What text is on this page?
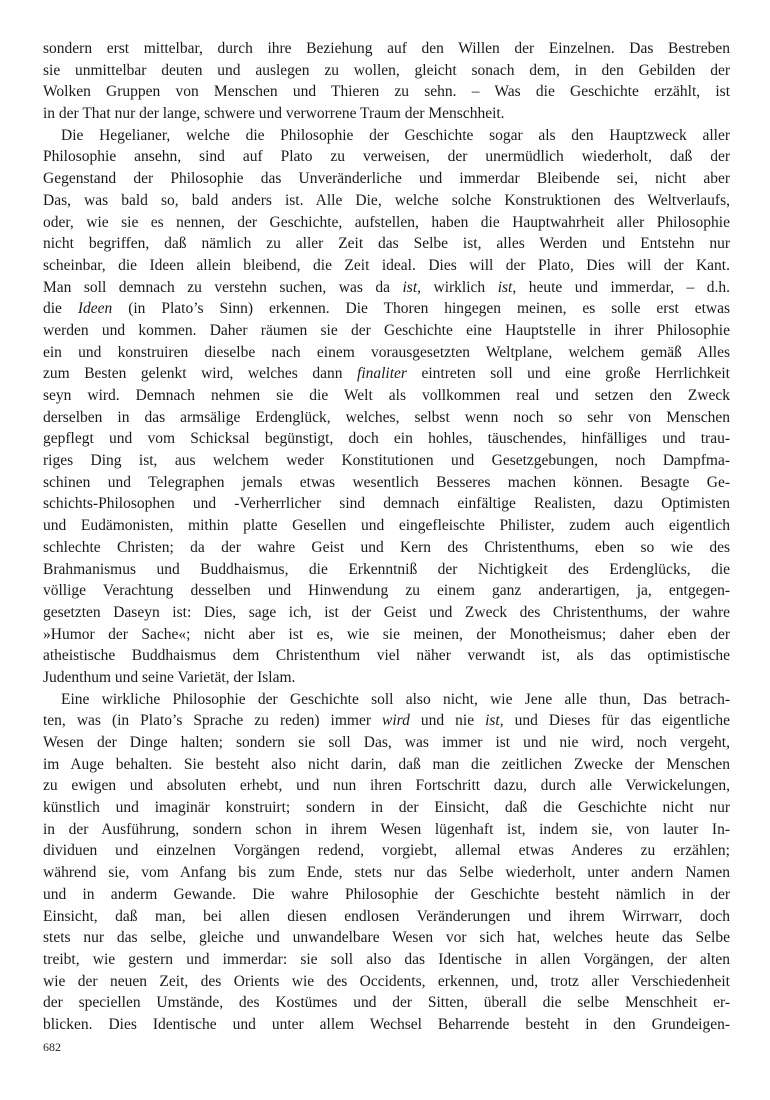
sondern erst mittelbar, durch ihre Beziehung auf den Willen der Einzelnen. Das Bestreben
sie unmittelbar deuten und auslegen zu wollen, gleicht sonach dem, in den Gebilden der
Wolken Gruppen von Menschen und Thieren zu sehn. – Was die Geschichte erzählt, ist
in der That nur der lange, schwere und verworrene Traum der Menschheit.
Die Hegelianer, welche die Philosophie der Geschichte sogar als den Hauptzweck aller
Philosophie ansehn, sind auf Plato zu verweisen, der unermüdlich wiederholt, daß der
Gegenstand der Philosophie das Unveränderliche und immerdar Bleibende sei, nicht aber
Das, was bald so, bald anders ist. Alle Die, welche solche Konstruktionen des Weltverlaufs,
oder, wie sie es nennen, der Geschichte, aufstellen, haben die Hauptwahrheit aller Philosophie
nicht begriffen, daß nämlich zu aller Zeit das Selbe ist, alles Werden und Entstehn nur
scheinbar, die Ideen allein bleibend, die Zeit ideal. Dies will der Plato, Dies will der Kant.
Man soll demnach zu verstehn suchen, was da ist, wirklich ist, heute und immerdar, – d.h.
die Ideen (in Plato’s Sinn) erkennen. Die Thoren hingegen meinen, es solle erst etwas
werden und kommen. Daher räumen sie der Geschichte eine Hauptstelle in ihrer Philosophie
ein und konstruiren dieselbe nach einem vorausgesetzten Weltplane, welchem gemäß Alles
zum Besten gelenkt wird, welches dann finaliter eintreten soll und eine große Herrlichkeit
seyn wird. Demnach nehmen sie die Welt als vollkommen real und setzen den Zweck
derselben in das armsälige Erdenglück, welches, selbst wenn noch so sehr von Menschen
gepflegt und vom Schicksal begünstigt, doch ein hohles, täuschendes, hinfälliges und trau-
riges Ding ist, aus welchem weder Konstitutionen und Gesetzgebungen, noch Dampfma-
schinen und Telegraphen jemals etwas wesentlich Besseres machen können. Besagte Ge-
schichts-Philosophen und -Verherrlicher sind demnach einfältige Realisten, dazu Optimisten
und Eudämonisten, mithin platte Gesellen und eingefleischte Philister, zudem auch eigentlich
schlechte Christen; da der wahre Geist und Kern des Christenthums, eben so wie des
Brahmanismus und Buddhaismus, die Erkenntniß der Nichtigkeit des Erdenglücks, die
völlige Verachtung desselben und Hinwendung zu einem ganz anderartigen, ja, entgegen-
gesetzten Daseyn ist: Dies, sage ich, ist der Geist und Zweck des Christenthums, der wahre
»Humor der Sache«; nicht aber ist es, wie sie meinen, der Monotheismus; daher eben der
atheistische Buddhaismus dem Christenthum viel näher verwandt ist, als das optimistische
Judenthum und seine Varietät, der Islam.
Eine wirkliche Philosophie der Geschichte soll also nicht, wie Jene alle thun, Das betrach-
ten, was (in Plato’s Sprache zu reden) immer wird und nie ist, und Dieses für das eigentliche
Wesen der Dinge halten; sondern sie soll Das, was immer ist und nie wird, noch vergeht,
im Auge behalten. Sie besteht also nicht darin, daß man die zeitlichen Zwecke der Menschen
zu ewigen und absoluten erhebt, und nun ihren Fortschritt dazu, durch alle Verwickelungen,
künstlich und imaginär konstruirt; sondern in der Einsicht, daß die Geschichte nicht nur
in der Ausführung, sondern schon in ihrem Wesen lügenhaft ist, indem sie, von lauter In-
dividuen und einzelnen Vorgängen redend, vorgiebt, allemal etwas Anderes zu erzählen;
während sie, vom Anfang bis zum Ende, stets nur das Selbe wiederholt, unter andern Namen
und in anderm Gewande. Die wahre Philosophie der Geschichte besteht nämlich in der
Einsicht, daß man, bei allen diesen endlosen Veränderungen und ihrem Wirrwarr, doch
stets nur das selbe, gleiche und unwandelbare Wesen vor sich hat, welches heute das Selbe
treibt, wie gestern und immerdar: sie soll also das Identische in allen Vorgängen, der alten
wie der neuen Zeit, des Orients wie des Occidents, erkennen, und, trotz aller Verschiedenheit
der speciellen Umstände, des Kostümes und der Sitten, überall die selbe Menschheit er-
blicken. Dies Identische und unter allem Wechsel Beharrende besteht in den Grundeigen-
682
